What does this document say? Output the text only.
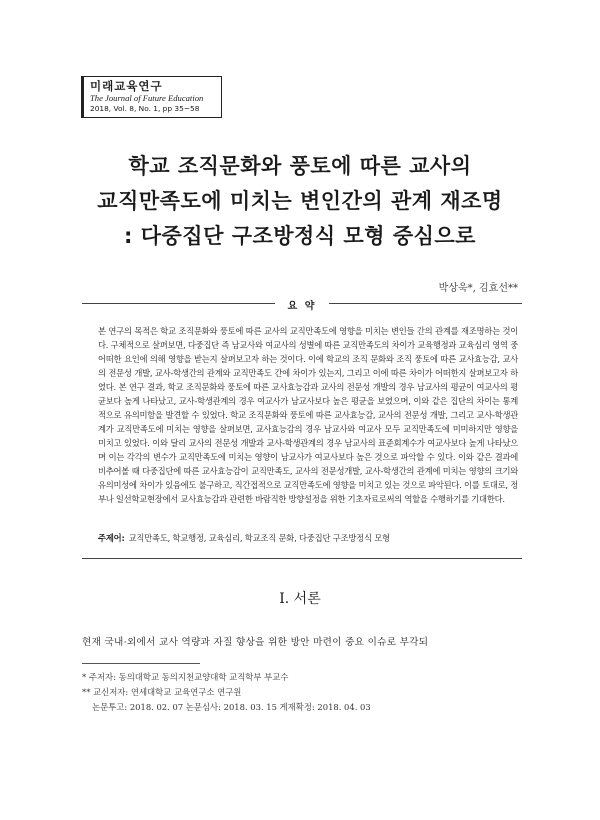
미래교육연구
The Journal of Future Education
2018, Vol. 8, No. 1, pp 35~58
학교 조직문화와 풍토에 따른 교사의
교직만족도에 미치는 변인간의 관계 재조명
: 다중집단 구조방정식 모형 중심으로
박상욱*, 김효선**
요 약
본 연구의 목적은 학교 조직문화와 풍토에 따른 교사의 교직만족도에 영향을 미치는 변인들 간의 관계를 재조명하는 것이다. 구체적으로 살펴보면, 다중집단 즉 남교사와 여교사의 성별에 따른 교직만족도의 차이가 교육행정과 교육심리 영역 중 어떠한 요인에 의해 영향을 받는지 살펴보고자 하는 것이다. 이에 학교의 조직 문화와 조직 풍토에 따른 교사효능감, 교사의 전문성 개발, 교사-학생간의 관계와 교직만족도 간에 차이가 있는지, 그리고 이에 따른 차이가 어떠한지 살펴보고자 하였다. 본 연구 결과, 학교 조직문화와 풍토에 따른 교사효능감과 교사의 전문성 개발의 경우 남교사의 평균이 여교사의 평균보다 높게 나타났고, 교사-학생관계의 경우 여교사가 남교사보다 높은 평균을 보였으며, 이와 같은 집단의 차이는 통계적으로 유의미함을 발견할 수 있었다. 학교 조직문화와 풍토에 따른 교사효능감, 교사의 전문성 개발, 그리고 교사-학생관계가 교직만족도에 미치는 영향을 살펴보면, 교사효능감의 경우 남교사와 여교사 모두 교직만족도에 미미하지만 영향을 미치고 있었다. 이와 달리 교사의 전문성 개발과 교사-학생관계의 경우 남교사의 표준회계수가 여교사보다 높게 나타났으며 이는 각각의 변수가 교직만족도에 미치는 영향이 남교사가 여교사보다 높은 것으로 파악할 수 있다. 이와 같은 결과에 비추어볼 때 다중집단에 따른 교사효능감이 교직만족도, 교사의 전문성개발, 교사-학생간의 관계에 미치는 영향의 크기와 유의미성에 차이가 있음에도 불구하고, 직간접적으로 교직만족도에 영향을 미치고 있는 것으로 파악된다. 이를 토대로, 정부나 일선학교현장에서 교사효능감과 관련한 바람직한 방향설정을 위한 기초자료로써의 역할을 수행하기를 기대한다.
주제어: 교직만족도, 학교행정, 교육심리, 학교조직 문화, 다중집단 구조방정식 모형
Ⅰ. 서론
현재 국내·외에서 교사 역량과 자질 향상을 위한 방안 마련이 중요 이슈로 부각되
* 주저자: 동의대학교 동의지천교양대학 교직학부 부교수
** 교신저자: 연세대학교 교육연구소 연구원
논문투고: 2018. 02. 07 논문심사: 2018. 03. 15 게재확정: 2018. 04. 03
